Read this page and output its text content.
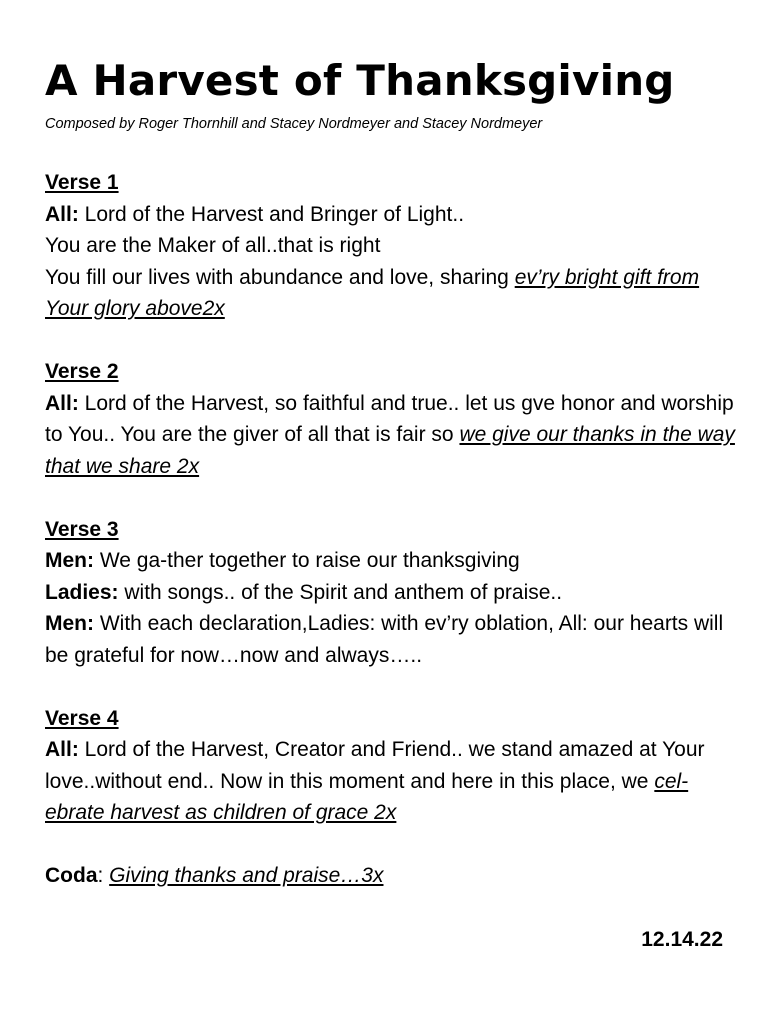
A Harvest of Thanksgiving

Composed by Roger Thornhill and Stacey Nordmeyer and Stacey Nordmeyer

Verse 1
All: Lord of the Harvest and Bringer of Light..
You are the Maker of all..that is right
You fill our lives with abundance and love, sharing ev’ry bright gift from Your glory above2x
Verse 2
All: Lord of the Harvest, so faithful and true.. let us gve honor and worship to You.. You are the giver of all that is fair so we give our thanks in the way that we share 2x
Verse 3
Men: We ga-ther together to raise our thanksgiving
Ladies: with songs.. of the Spirit and anthem of praise..
Men: With each declaration,Ladies: with ev’ry oblation, All: our hearts will be grateful for now…now and always…..
Verse 4
All: Lord of the Harvest, Creator and Friend.. we stand amazed at Your love..without end.. Now in this moment and here in this place, we cel-ebrate harvest as children of grace 2x
Coda: Giving thanks and praise…3x
12.14.22
